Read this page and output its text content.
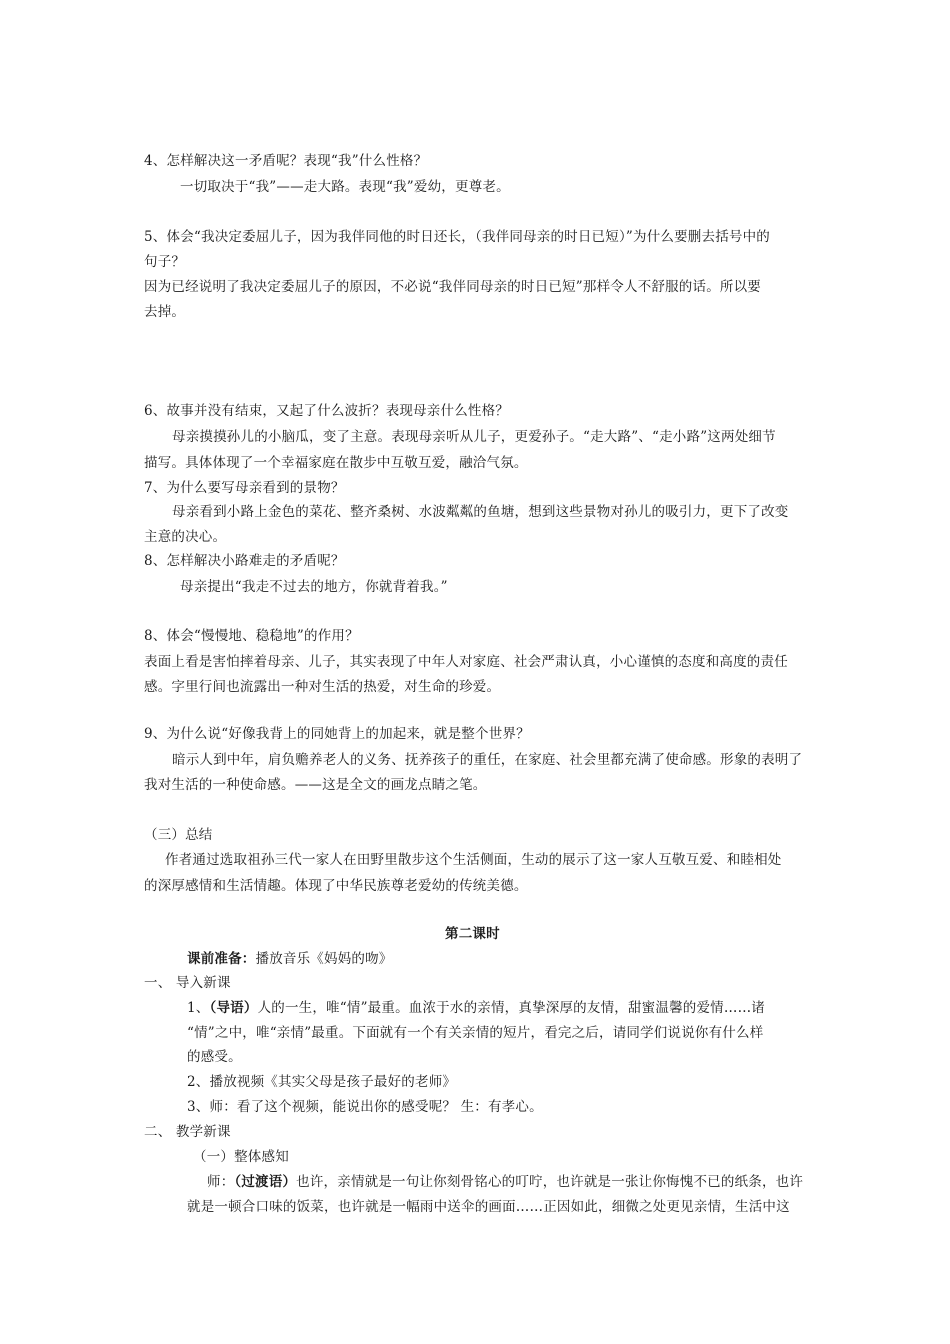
4、怎样解决这一矛盾呢？表现“我”什么性格？
一切取决于“我”——走大路。表现“我”爱幼，更尊老。
5、体会“我决定委屈儿子，因为我伴同他的时日还长，（我伴同母亲的时日已短）”为什么要删去括号中的
句子？
因为已经说明了我决定委屈儿子的原因，不必说“我伴同母亲的时日已短”那样令人不舒服的话。所以要
去掉。
6、故事并没有结束，又起了什么波折？表现母亲什么性格？
母亲摸摸孙儿的小脑瓜，变了主意。表现母亲听从儿子，更爱孙子。“走大路”、“走小路”这两处细节
描写。具体体现了一个幸福家庭在散步中互敬互爱，融洽气氛。
7、为什么要写母亲看到的景物？
母亲看到小路上金色的菜花、整齐桑树、水波粼粼的鱼塘，想到这些景物对孙儿的吸引力，更下了改变
主意的决心。
8、怎样解决小路难走的矛盾呢？
母亲提出“我走不过去的地方，你就背着我。”
8、体会“慢慢地、稳稳地”的作用？
表面上看是害怕摔着母亲、儿子，其实表现了中年人对家庭、社会严肃认真，小心谨慎的态度和高度的责任
感。字里行间也流露出一种对生活的热爱，对生命的珍爱。
9、为什么说“好像我背上的同她背上的加起来，就是整个世界？
暗示人到中年，肩负赡养老人的义务、抚养孩子的重任，在家庭、社会里都充满了使命感。形象的表明了
我对生活的一种使命感。——这是全文的画龙点睛之笔。
（三）总结
作者通过选取祖孙三代一家人在田野里散步这个生活侧面，生动的展示了这一家人互敬互爱、和睦相处
的深厚感情和生活情趣。体现了中华民族尊老爱幼的传统美德。
第二课时
课前准备：播放音乐《妈妈的吻》
一、 导入新课
1、（导语）人的一生，唯“情”最重。血浓于水的亲情，真挚深厚的友情，甜蜜温馨的爱情……诸
“情”之中，唯“亲情”最重。下面就有一个有关亲情的短片，看完之后，请同学们说说你有什么样
的感受。
2、播放视频《其实父母是孩子最好的老师》
3、师：看了这个视频，能说出你的感受呢？ 生：有孝心。
二、 教学新课
（一）整体感知
师：（过渡语）也许，亲情就是一句让你刻骨铭心的叮咛，也许就是一张让你悔愧不已的纸条，也许
就是一顿合口味的饭菜，也许就是一幅雨中送伞的画面……正因如此，细微之处更见亲情，生活中这
